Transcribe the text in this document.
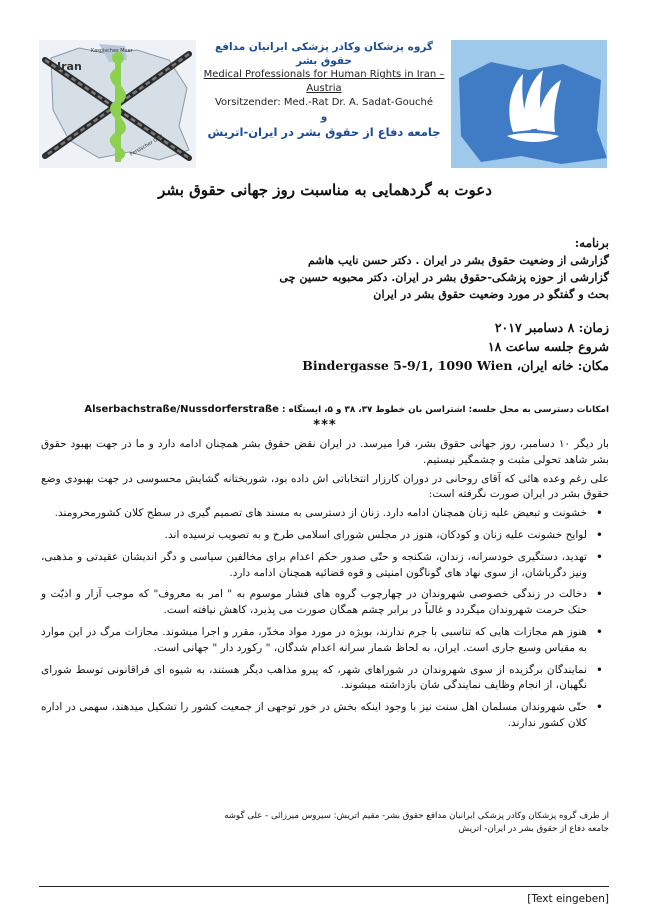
Iran
Kaspisches Meer
Persischer Golf
گروه پزشکان وکادر پزشکی ایرانیان مدافع حقوق بشر
Medical Professionals for Human Rights in Iran – Austria
Vorsitzender: Med.-Rat Dr. A. Sadat-Gouché
و
جامعه دفاع از حقوق بشر در ایران-اتریش
دعوت به گردهمایی به مناسبت روز جهانی حقوق بشر
برنامه:
گزارشی از وضعیت حقوق بشر در ایران . دکتر حسن نایب هاشم
گزارشی از حوزه پزشکی-حقوق بشر در ایران. دکتر محبوبه حسین چی
بحث و گفتگو در مورد وضعیت حقوق بشر در ایران
زمان: ۸ دسامبر ۲۰۱۷
شروع جلسه ساعت ۱۸
مکان: خانه ایران، Bindergasse 5-9/1, 1090 Wien
امکانات دسترسی به محل جلسه: اشتراسن بان خطوط ۳۷، ۳۸ و ۵، ایستگاه : Alserbachstraße/Nussdorferstraße
***

بار دیگر ۱۰ دسامبر، روز جهانی حقوق بشر، فرا میرسد. در ایران نقض حقوق بشر همچنان ادامه دارد و ما در جهت بهبود حقوق بشر شاهد تحولی مثبت و چشمگیر نیستیم.

علی رغم وعده هائی که آقای روحانی در دوران کارزار انتخاباتی اش داده بود، شوربختانه گشایش محسوسی در جهت بهبودی وضع حقوق بشر در ایران صورت نگرفته است:

• خشونت و تبعیض علیه زنان همچنان ادامه دارد. زنان از دسترسی به مسند های تصمیم گیری در سطح کلان کشورمحرومند.
• لوایح خشونت علیه زنان و کودکان، هنوز در مجلس شورای اسلامی طرح و به تصویب نرسیده اند.
• تهدید، دستگیری خودسرانه، زندان، شکنجه و حتّی صدور حکم اعدام برای مخالفین سیاسی و دگر اندیشان عقیدتی و مذهبی، ونیز دگرباشان، از سوی نهاد های گوناگون امنیتی و قوه قضائیه همچنان ادامه دارد.
• دخالت در زندگی خصوصی شهروندان در چهارچوب گروه های فشار موسوم به " امر به معروف" که موجب آزار و اذیّت و حتک حرمت شهروندان میگردد و غالباً در برابر چشم همگان صورت می پذیرد، کاهش نیافته است.
• هنوز هم مجازات هایی که تناسبی با جرم ندارند، بویژه در مورد مواد مخدّر، مقرر و اجرا میشوند. مجازات مرگ در این موارد به مقیاس وسیع جاری است. ایران، به لحاظ شمار سرانه اعدام شدگان، " رکورد دار " جهانی است.
• نمایندگان برگزیده از سوی شهروندان در شوراهای شهر، که پیرو مذاهب دیگر هستند، به شیوه ای فراقانونی توسط شورای نگهبان، از انجام وظایف نمایندگی شان بازداشته میشوند.
• حتّی شهروندان مسلمان اهل سنت نیز با وجود اینکه بخش در خور توجهی از جمعیت کشور را تشکیل میدهند، سهمی در اداره کلان کشور ندارند.
از طرف گروه پزشکان وکادر پزشکی ایرانیان مدافع حقوق بشر- مقیم اتریش: سیروس میرزائی - علی گوشه
جامعه دفاع از حقوق بشر در ایران- اتریش
[Text eingeben]
